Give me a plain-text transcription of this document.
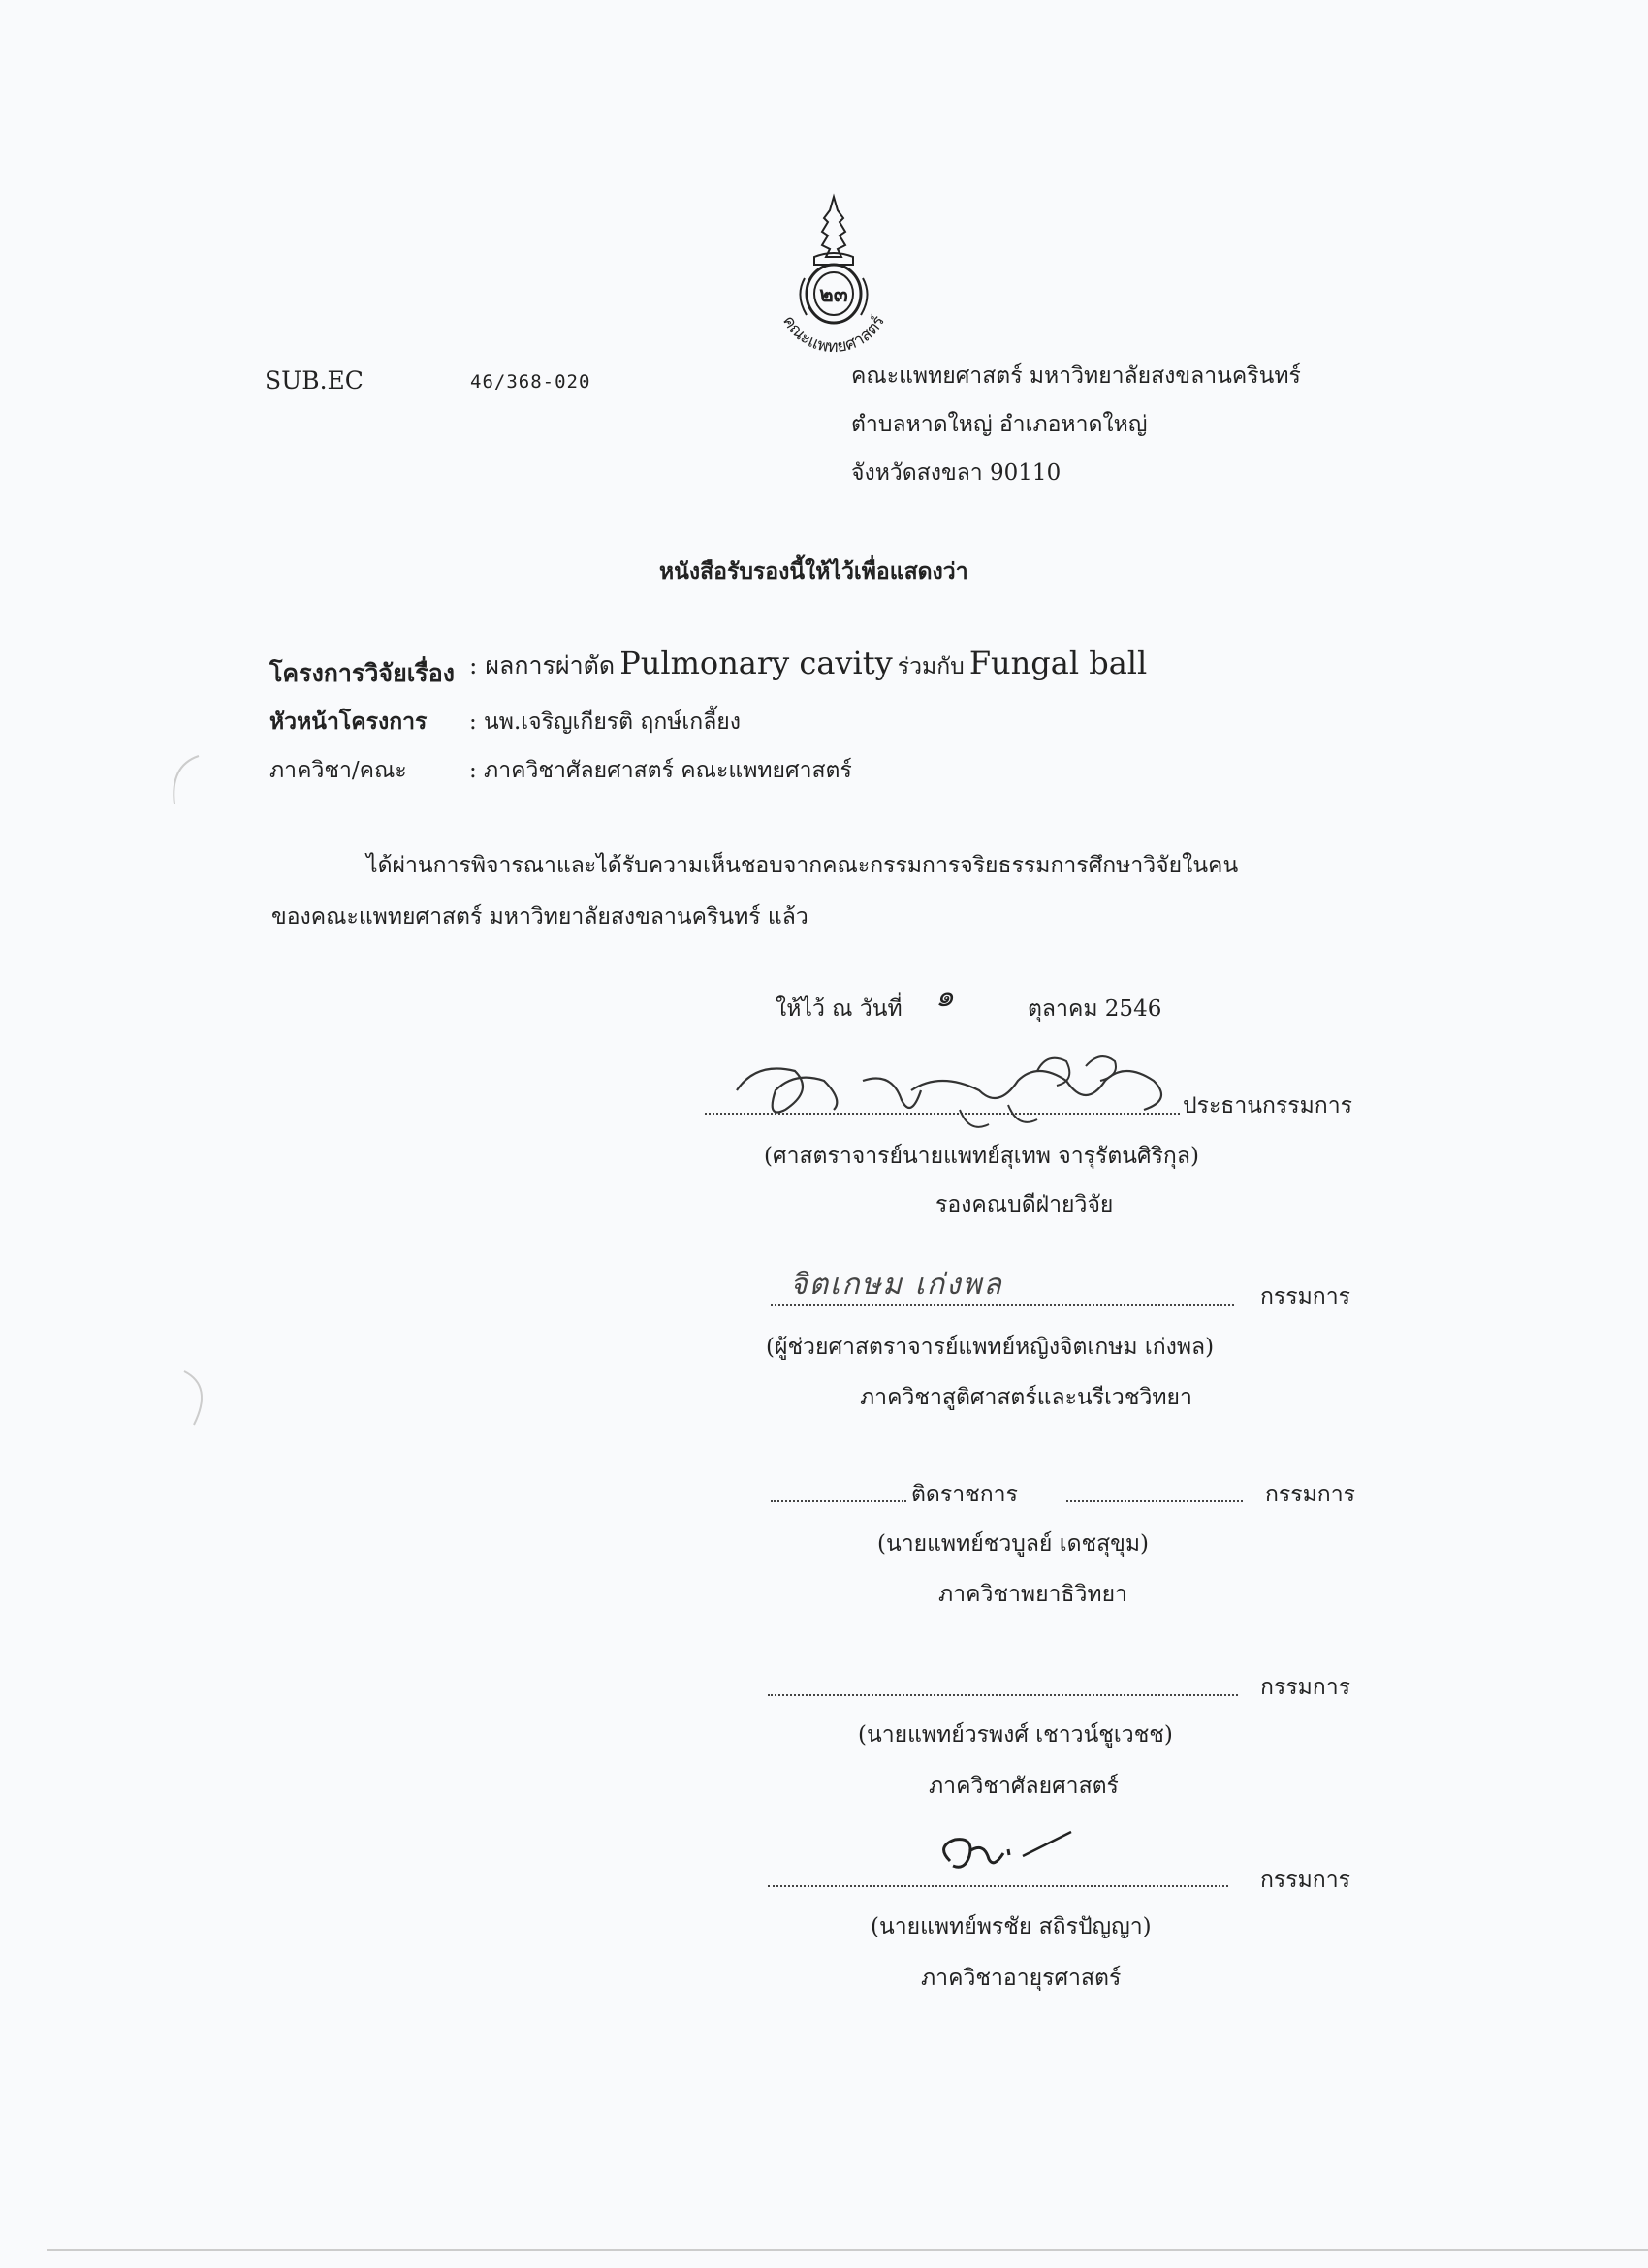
๒๓
คณะแพทยศาสตร์
SUB.EC	46/368-020	คณะแพทยศาสตร์ มหาวิทยาลัยสงขลานครินทร์
ตำบลหาดใหญ่ อำเภอหาดใหญ่
จังหวัดสงขลา 90110
หนังสือรับรองนี้ให้ไว้เพื่อแสดงว่า
โครงการวิจัยเรื่อง : ผลการผ่าตัด Pulmonary cavity ร่วมกับ Fungal ball
หัวหน้าโครงการ : นพ.เจริญเกียรติ ฤกษ์เกลี้ยง
ภาควิชา/คณะ	: ภาควิชาศัลยศาสตร์ คณะแพทยศาสตร์
ได้ผ่านการพิจารณาและได้รับความเห็นชอบจากคณะกรรมการจริยธรรมการศึกษาวิจัยในคน
ของคณะแพทยศาสตร์ มหาวิทยาลัยสงขลานครินทร์ แล้ว
ให้ไว้ ณ วันที่ ๑	ตุลาคม 2546
ประธานกรรมการ
(ศาสตราจารย์นายแพทย์สุเทพ จารุรัตนศิริกุล)
รองคณบดีฝ่ายวิจัย
จิตเกษม เก่งพล	กรรมการ
(ผู้ช่วยศาสตราจารย์แพทย์หญิงจิตเกษม เก่งพล)
ภาควิชาสูติศาสตร์และนรีเวชวิทยา
ติดราชการ	กรรมการ
(นายแพทย์ชวบูลย์ เดชสุขุม)
ภาควิชาพยาธิวิทยา
กรรมการ
(นายแพทย์วรพงศ์ เชาวน์ชูเวชช)
ภาควิชาศัลยศาสตร์
กรรมการ
(นายแพทย์พรชัย สถิรปัญญา)
ภาควิชาอายุรศาสตร์
